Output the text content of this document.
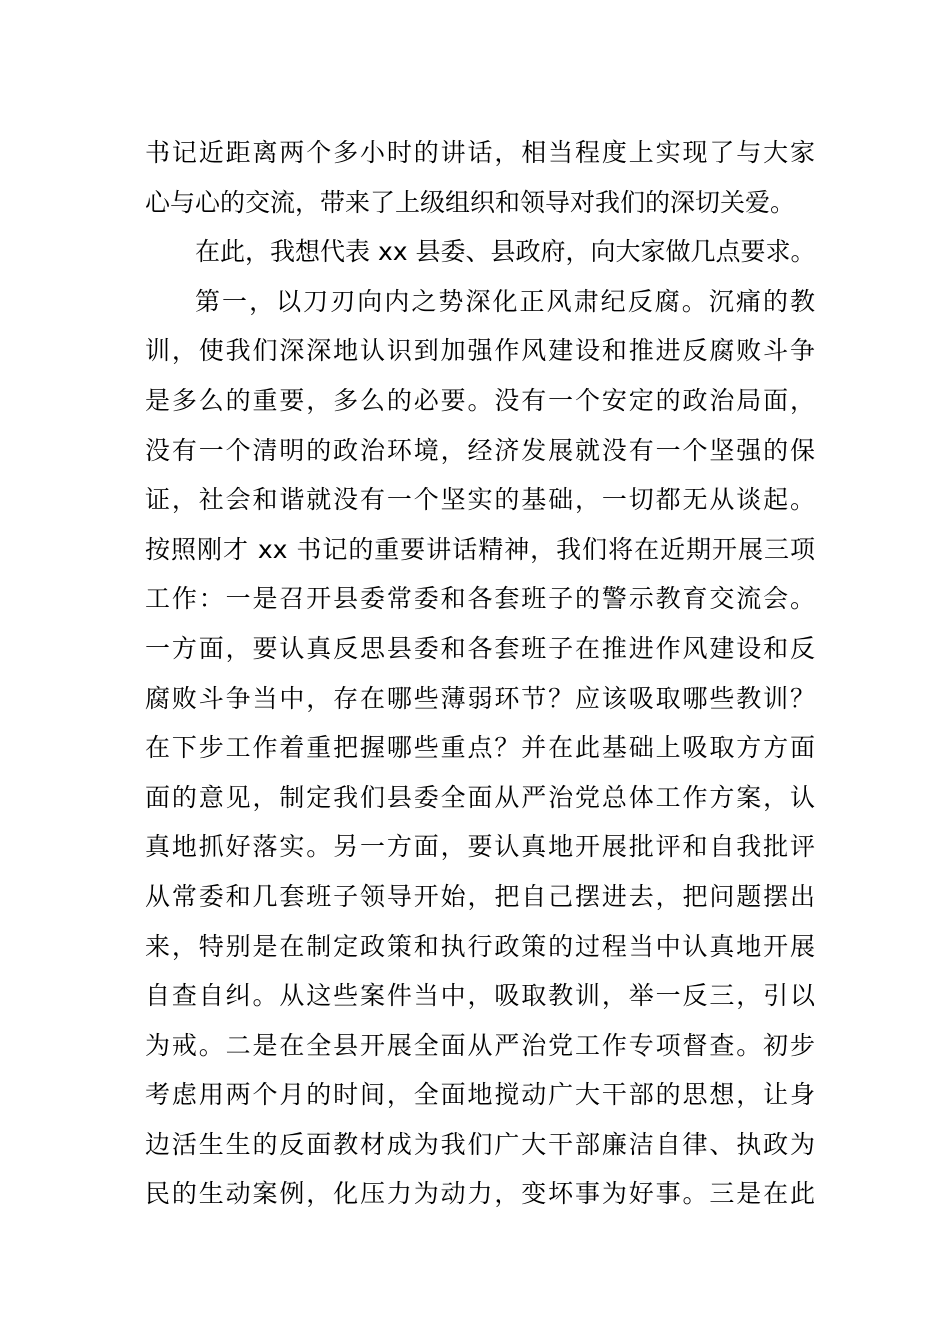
书记近距离两个多小时的讲话，相当程度上实现了与大家
心与心的交流，带来了上级组织和领导对我们的深切关爱。
在此，我想代表 xx 县委、县政府，向大家做几点要求。
第一，以刀刃向内之势深化正风肃纪反腐。沉痛的教
训，使我们深深地认识到加强作风建设和推进反腐败斗争
是多么的重要，多么的必要。没有一个安定的政治局面，
没有一个清明的政治环境，经济发展就没有一个坚强的保
证，社会和谐就没有一个坚实的基础，一切都无从谈起。
按照刚才 xx 书记的重要讲话精神，我们将在近期开展三项
工作：一是召开县委常委和各套班子的警示教育交流会。
一方面，要认真反思县委和各套班子在推进作风建设和反
腐败斗争当中，存在哪些薄弱环节？应该吸取哪些教训？
在下步工作着重把握哪些重点？并在此基础上吸取方方面
面的意见，制定我们县委全面从严治党总体工作方案，认
真地抓好落实。另一方面，要认真地开展批评和自我批评
从常委和几套班子领导开始，把自己摆进去，把问题摆出
来，特别是在制定政策和执行政策的过程当中认真地开展
自查自纠。从这些案件当中，吸取教训，举一反三，引以
为戒。二是在全县开展全面从严治党工作专项督查。初步
考虑用两个月的时间，全面地搅动广大干部的思想，让身
边活生生的反面教材成为我们广大干部廉洁自律、执政为
民的生动案例，化压力为动力，变坏事为好事。三是在此
